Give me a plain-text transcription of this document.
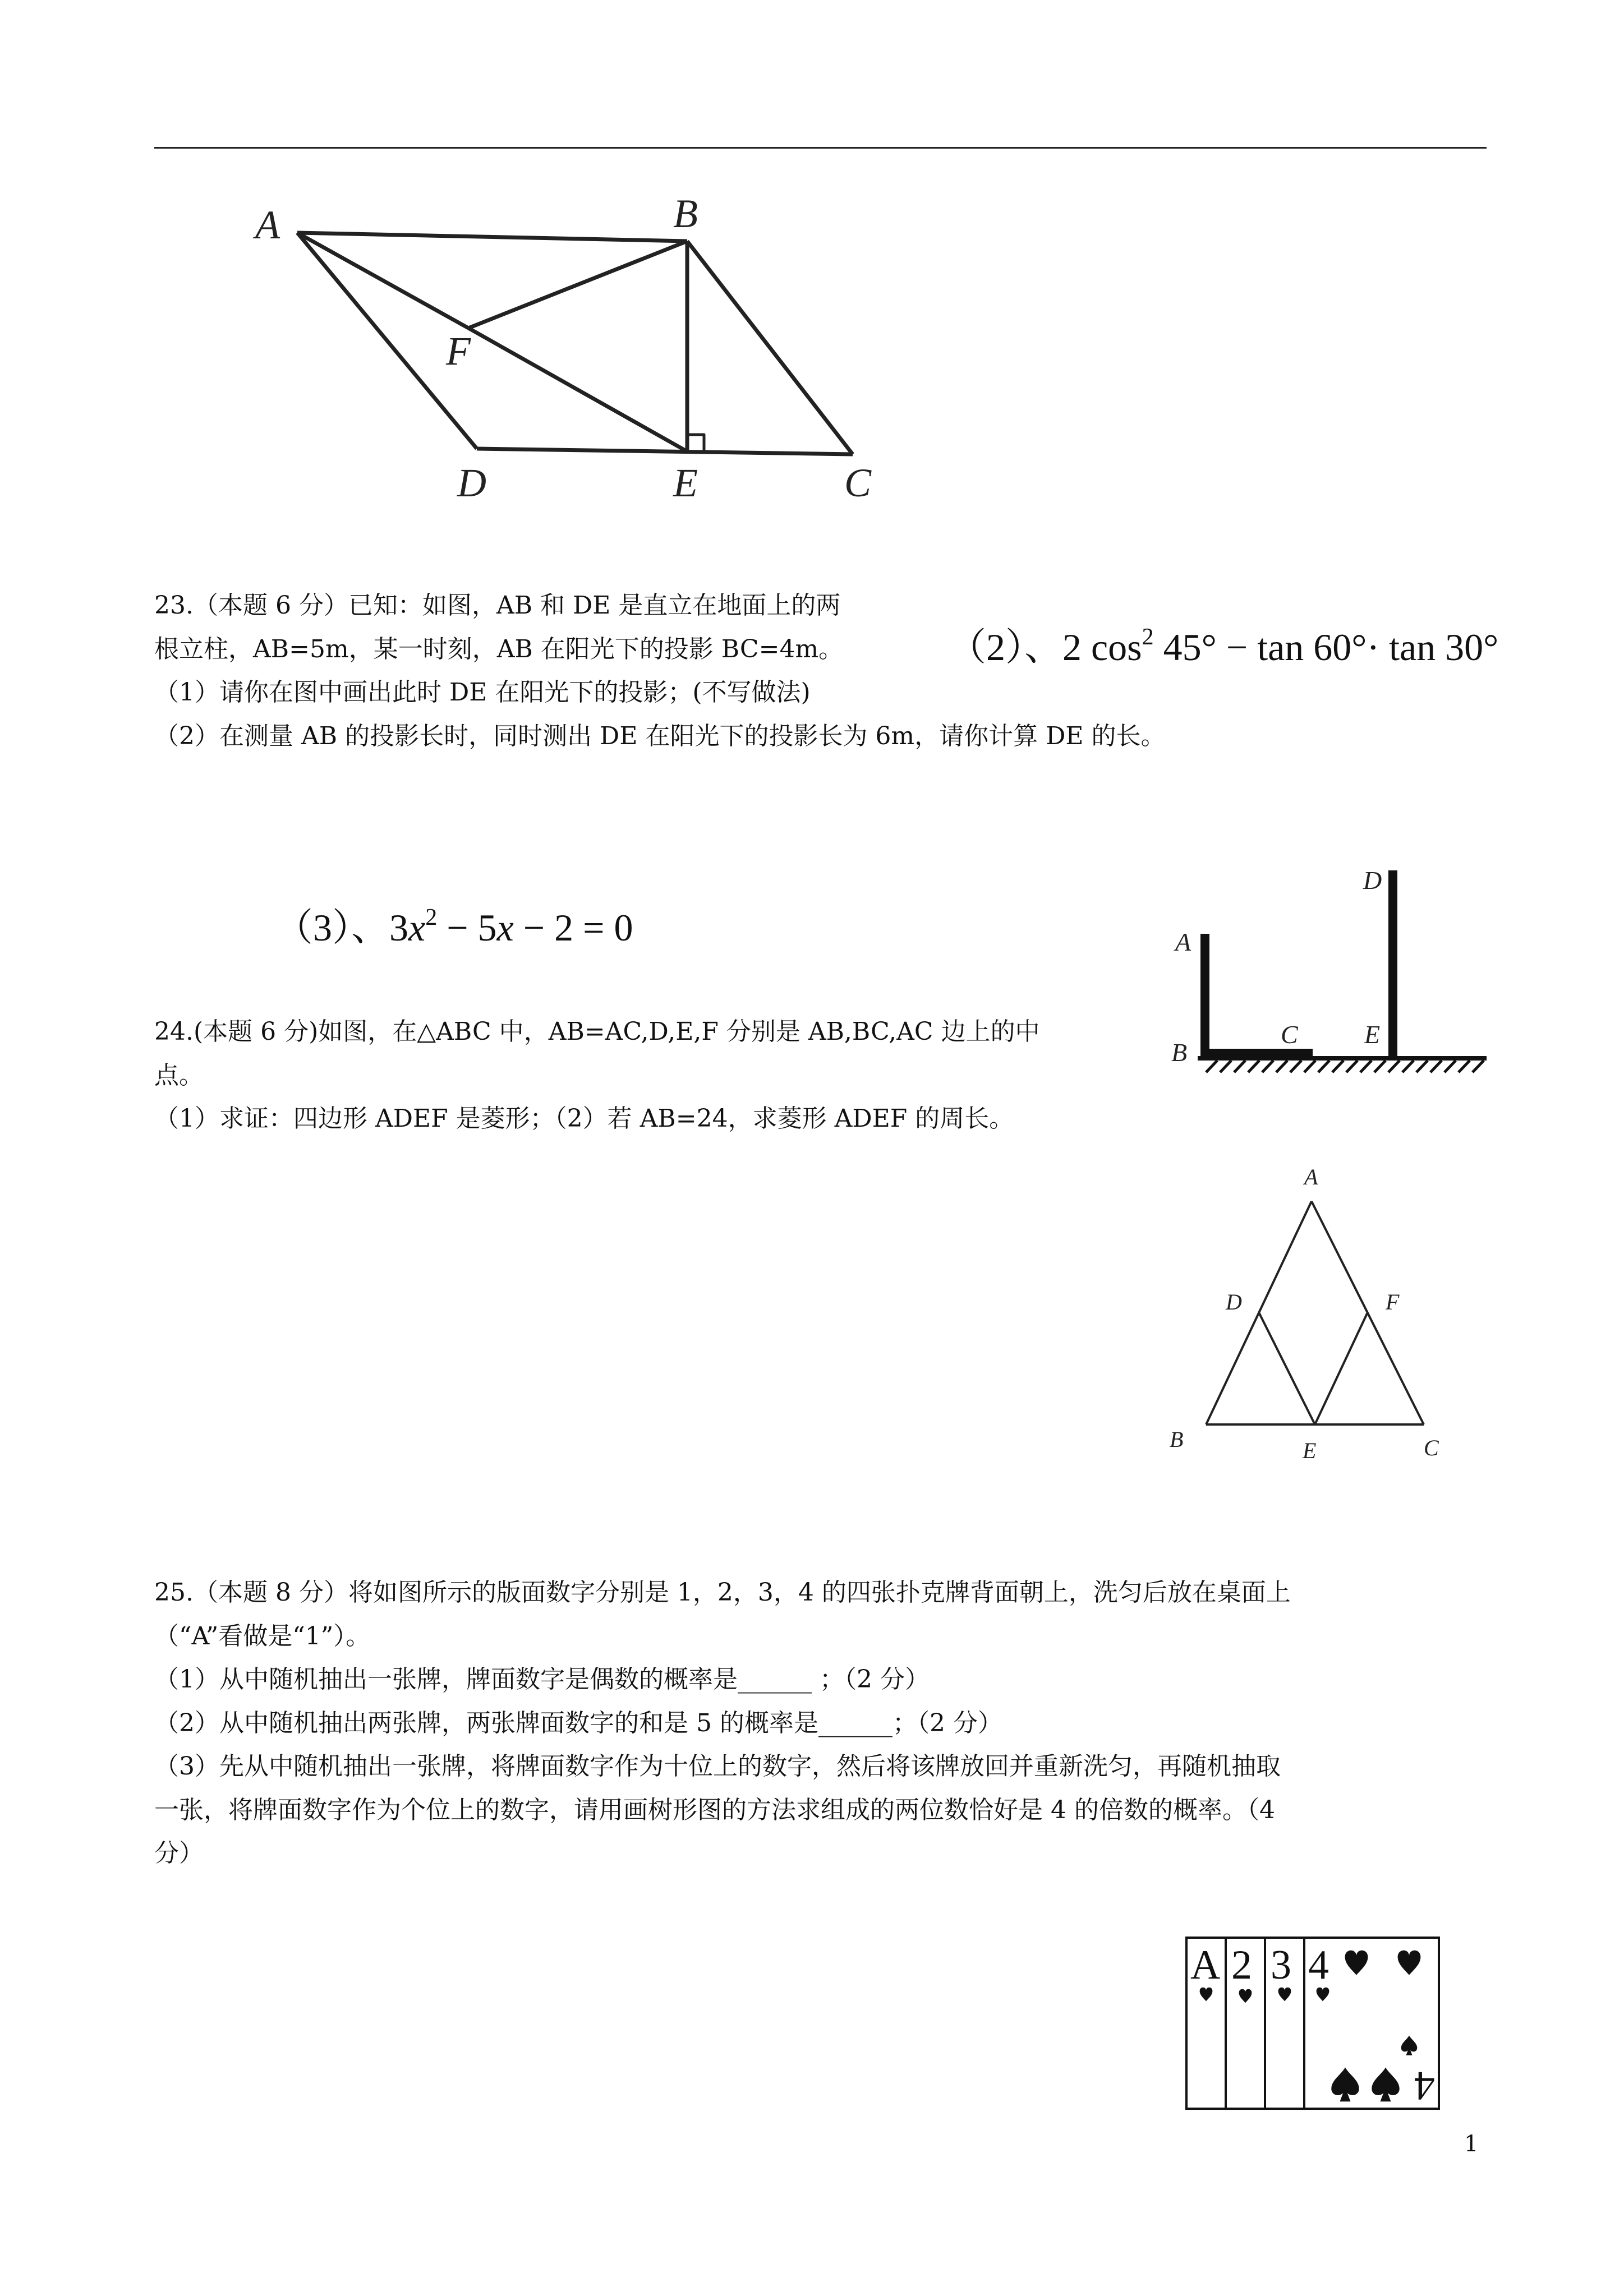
A	B
F
D	E	C
23.（本题 6 分）已知：如图，AB 和 DE 是直立在地面上的两
根立柱，AB=5m，某一时刻，AB 在阳光下的投影 BC=4m。
（1）请你在图中画出此时 DE 在阳光下的投影；(不写做法)
（2）在测量 AB 的投影长时，同时测出 DE 在阳光下的投影长为 6m，请你计算 DE 的长。
（2）、2 $\cos^2 45^\circ - \tan 60^\circ\cdot \tan 30^\circ$
（3）、$3x^2 - 5x - 2 = 0$
D
A
B
C	E
24.(本题 6 分)如图，在△ABC 中，AB=AC,D,E,F 分别是 AB,BC,AC 边上的中
点。
（1）求证：四边形 ADEF 是菱形；（2）若 AB=24，求菱形 ADEF 的周长。
A
D	F
B	E	C
25.（本题 8 分）将如图所示的版面数字分别是 1，2，3，4 的四张扑克牌背面朝上，洗匀后放在桌面上
（“A”看做是“1”）。
（1）从中随机抽出一张牌，牌面数字是偶数的概率是______ ；（2 分）
（2）从中随机抽出两张牌，两张牌面数字的和是 5 的概率是______；（2 分）
（3）先从中随机抽出一张牌，将牌面数字作为十位上的数字，然后将该牌放回并重新洗匀，再随机抽取
一张，将牌面数字作为个位上的数字，请用画树形图的方法求组成的两位数恰好是 4 的倍数的概率。（4
分）
A 2 3 4
4
1
